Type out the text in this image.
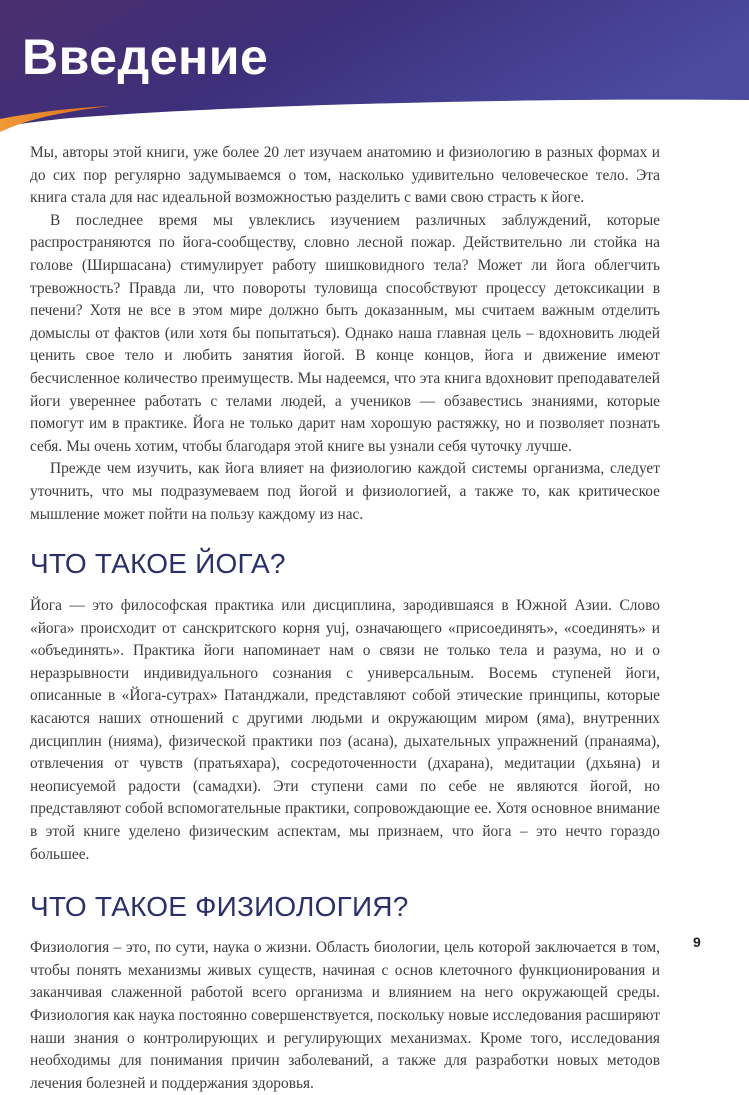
Введение

Мы, авторы этой книги, уже более 20 лет изучаем анатомию и физиологию в разных формах и до сих пор регулярно задумываемся о том, насколько удивительно человеческое тело. Эта книга стала для нас идеальной возможностью разделить с вами свою страсть к йоге.

В последнее время мы увлеклись изучением различных заблуждений, которые распространяются по йога-сообществу, словно лесной пожар. Действительно ли стойка на голове (Ширшасана) стимулирует работу шишковидного тела? Может ли йога облегчить тревожность? Правда ли, что повороты туловища способствуют процессу детоксикации в печени? Хотя не все в этом мире должно быть доказанным, мы считаем важным отделить домыслы от фактов (или хотя бы попытаться). Однако наша главная цель – вдохновить людей ценить свое тело и любить занятия йогой. В конце концов, йога и движение имеют бесчисленное количество преимуществ. Мы надеемся, что эта книга вдохновит преподавателей йоги увереннее работать с телами людей, а учеников — обзавестись знаниями, которые помогут им в практике. Йога не только дарит нам хорошую растяжку, но и позволяет познать себя. Мы очень хотим, чтобы благодаря этой книге вы узнали себя чуточку лучше.

Прежде чем изучить, как йога влияет на физиологию каждой системы организма, следует уточнить, что мы подразумеваем под йогой и физиологией, а также то, как критическое мышление может пойти на пользу каждому из нас.

ЧТО ТАКОЕ ЙОГА?

Йога — это философская практика или дисциплина, зародившаяся в Южной Азии. Слово «йога» происходит от санскритского корня yuj, означающего «присоединять», «соединять» и «объединять». Практика йоги напоминает нам о связи не только тела и разума, но и о неразрывности индивидуального сознания с универсальным. Восемь ступеней йоги, описанные в «Йога-сутрах» Патанджали, представляют собой этические принципы, которые касаются наших отношений с другими людьми и окружающим миром (яма), внутренних дисциплин (нияма), физической практики поз (асана), дыхательных упражнений (пранаяма), отвлечения от чувств (пратьяхара), сосредоточенности (дхарана), медитации (дхьяна) и неописуемой радости (самадхи). Эти ступени сами по себе не являются йогой, но представляют собой вспомогательные практики, сопровождающие ее. Хотя основное внимание в этой книге уделено физическим аспектам, мы признаем, что йога – это нечто гораздо большее.

ЧТО ТАКОЕ ФИЗИОЛОГИЯ?

Физиология – это, по сути, наука о жизни. Область биологии, цель которой заключается в том, чтобы понять механизмы живых существ, начиная с основ клеточного функционирования и заканчивая слаженной работой всего организма и влиянием на него окружающей среды. Физиология как наука постоянно совершенствуется, поскольку новые исследования расширяют наши знания о контролирующих и регулирующих механизмах. Кроме того, исследования необходимы для понимания причин заболеваний, а также для разработки новых методов лечения болезней и поддержания здоровья.

9
